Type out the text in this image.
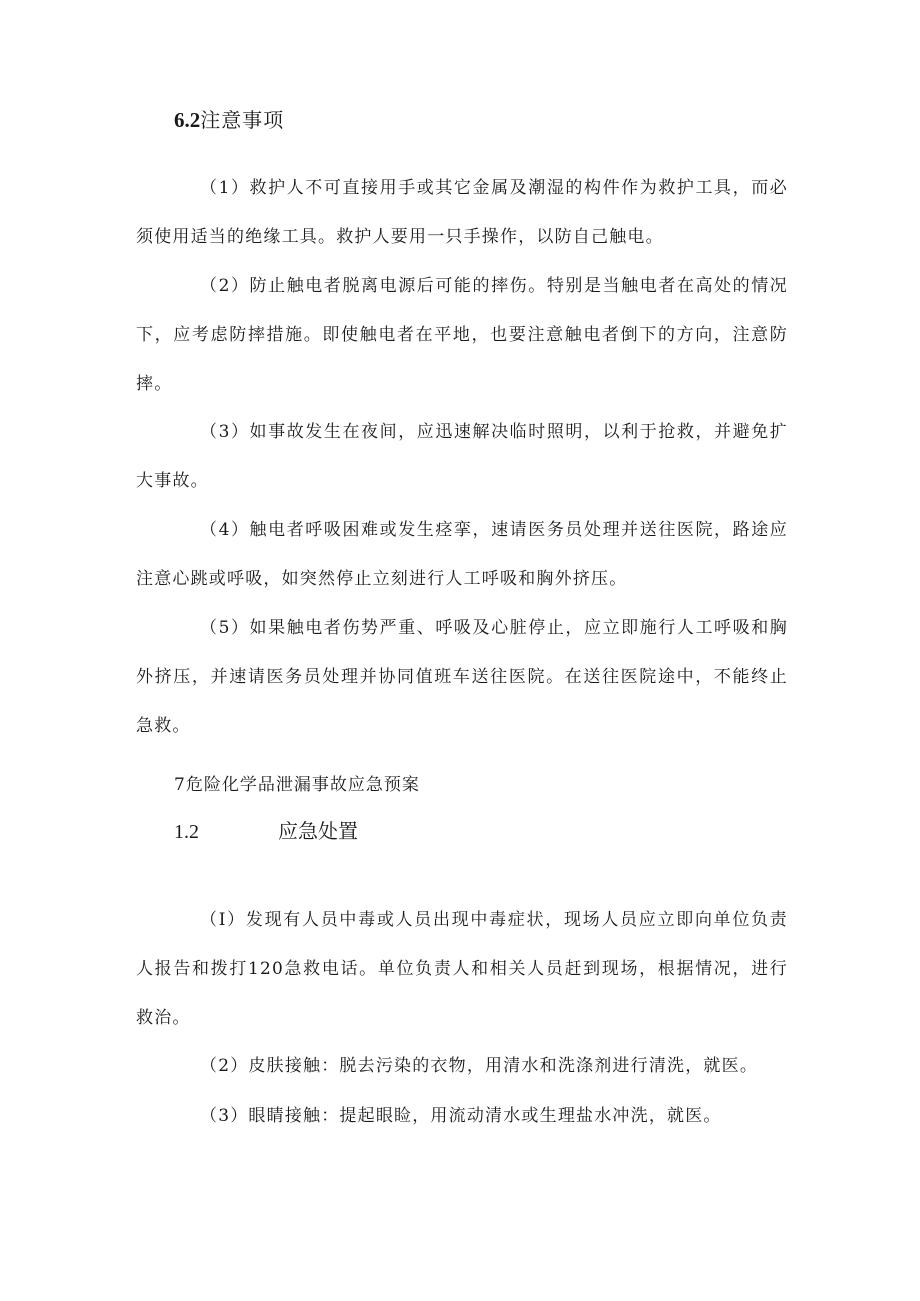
6.2注意事项

（1）救护人不可直接用手或其它金属及潮湿的构件作为救护工具，而必须使用适当的绝缘工具。救护人要用一只手操作，以防自己触电。

（2）防止触电者脱离电源后可能的摔伤。特别是当触电者在高处的情况下，应考虑防摔措施。即使触电者在平地，也要注意触电者倒下的方向，注意防摔。

（3）如事故发生在夜间，应迅速解决临时照明，以利于抢救，并避免扩大事故。

（4）触电者呼吸困难或发生痉挛，速请医务员处理并送往医院，路途应注意心跳或呼吸，如突然停止立刻进行人工呼吸和胸外挤压。

（5）如果触电者伤势严重、呼吸及心脏停止，应立即施行人工呼吸和胸外挤压，并速请医务员处理并协同值班车送往医院。在送往医院途中，不能终止急救。

7危险化学品泄漏事故应急预案
1.2	应急处置

（I）发现有人员中毒或人员出现中毒症状，现场人员应立即向单位负责人报告和拨打120急救电话。单位负责人和相关人员赶到现场，根据情况，进行救治。

（2）皮肤接触：脱去污染的衣物，用清水和洗涤剂进行清洗，就医。

（3）眼睛接触：提起眼睑，用流动清水或生理盐水冲洗，就医。
